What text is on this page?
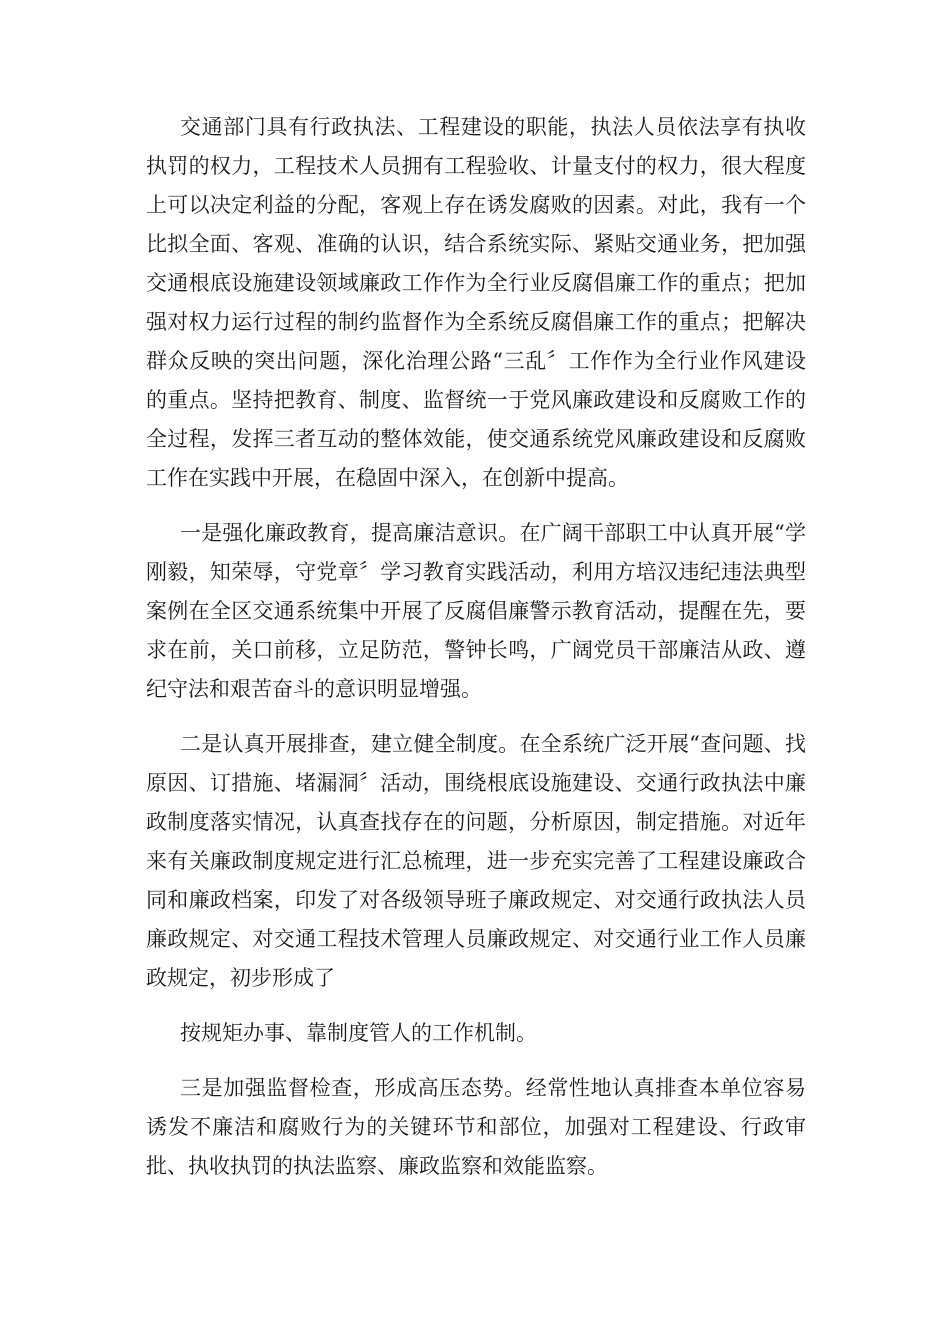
交通部门具有行政执法、工程建设的职能，执法人员依法享有执收执罚的权力，工程技术人员拥有工程验收、计量支付的权力，很大程度上可以决定利益的分配，客观上存在诱发腐败的因素。对此，我有一个比拟全面、客观、准确的认识，结合系统实际、紧贴交通业务，把加强交通根底设施建设领域廉政工作作为全行业反腐倡廉工作的重点；把加强对权力运行过程的制约监督作为全系统反腐倡廉工作的重点；把解决群众反映的突出问题，深化治理公路“三乱〞工作作为全行业作风建设的重点。坚持把教育、制度、监督统一于党风廉政建设和反腐败工作的全过程，发挥三者互动的整体效能，使交通系统党风廉政建设和反腐败工作在实践中开展，在稳固中深入，在创新中提高。

一是强化廉政教育，提高廉洁意识。在广阔干部职工中认真开展“学刚毅，知荣辱，守党章〞学习教育实践活动，利用方培汉违纪违法典型案例在全区交通系统集中开展了反腐倡廉警示教育活动，提醒在先，要求在前，关口前移，立足防范，警钟长鸣，广阔党员干部廉洁从政、遵纪守法和艰苦奋斗的意识明显增强。

二是认真开展排查，建立健全制度。在全系统广泛开展“查问题、找原因、订措施、堵漏洞〞活动，围绕根底设施建设、交通行政执法中廉政制度落实情况，认真查找存在的问题，分析原因，制定措施。对近年来有关廉政制度规定进行汇总梳理，进一步充实完善了工程建设廉政合同和廉政档案，印发了对各级领导班子廉政规定、对交通行政执法人员廉政规定、对交通工程技术管理人员廉政规定、对交通行业工作人员廉政规定，初步形成了

按规矩办事、靠制度管人的工作机制。

三是加强监督检查，形成高压态势。经常性地认真排查本单位容易诱发不廉洁和腐败行为的关键环节和部位，加强对工程建设、行政审批、执收执罚的执法监察、廉政监察和效能监察。
